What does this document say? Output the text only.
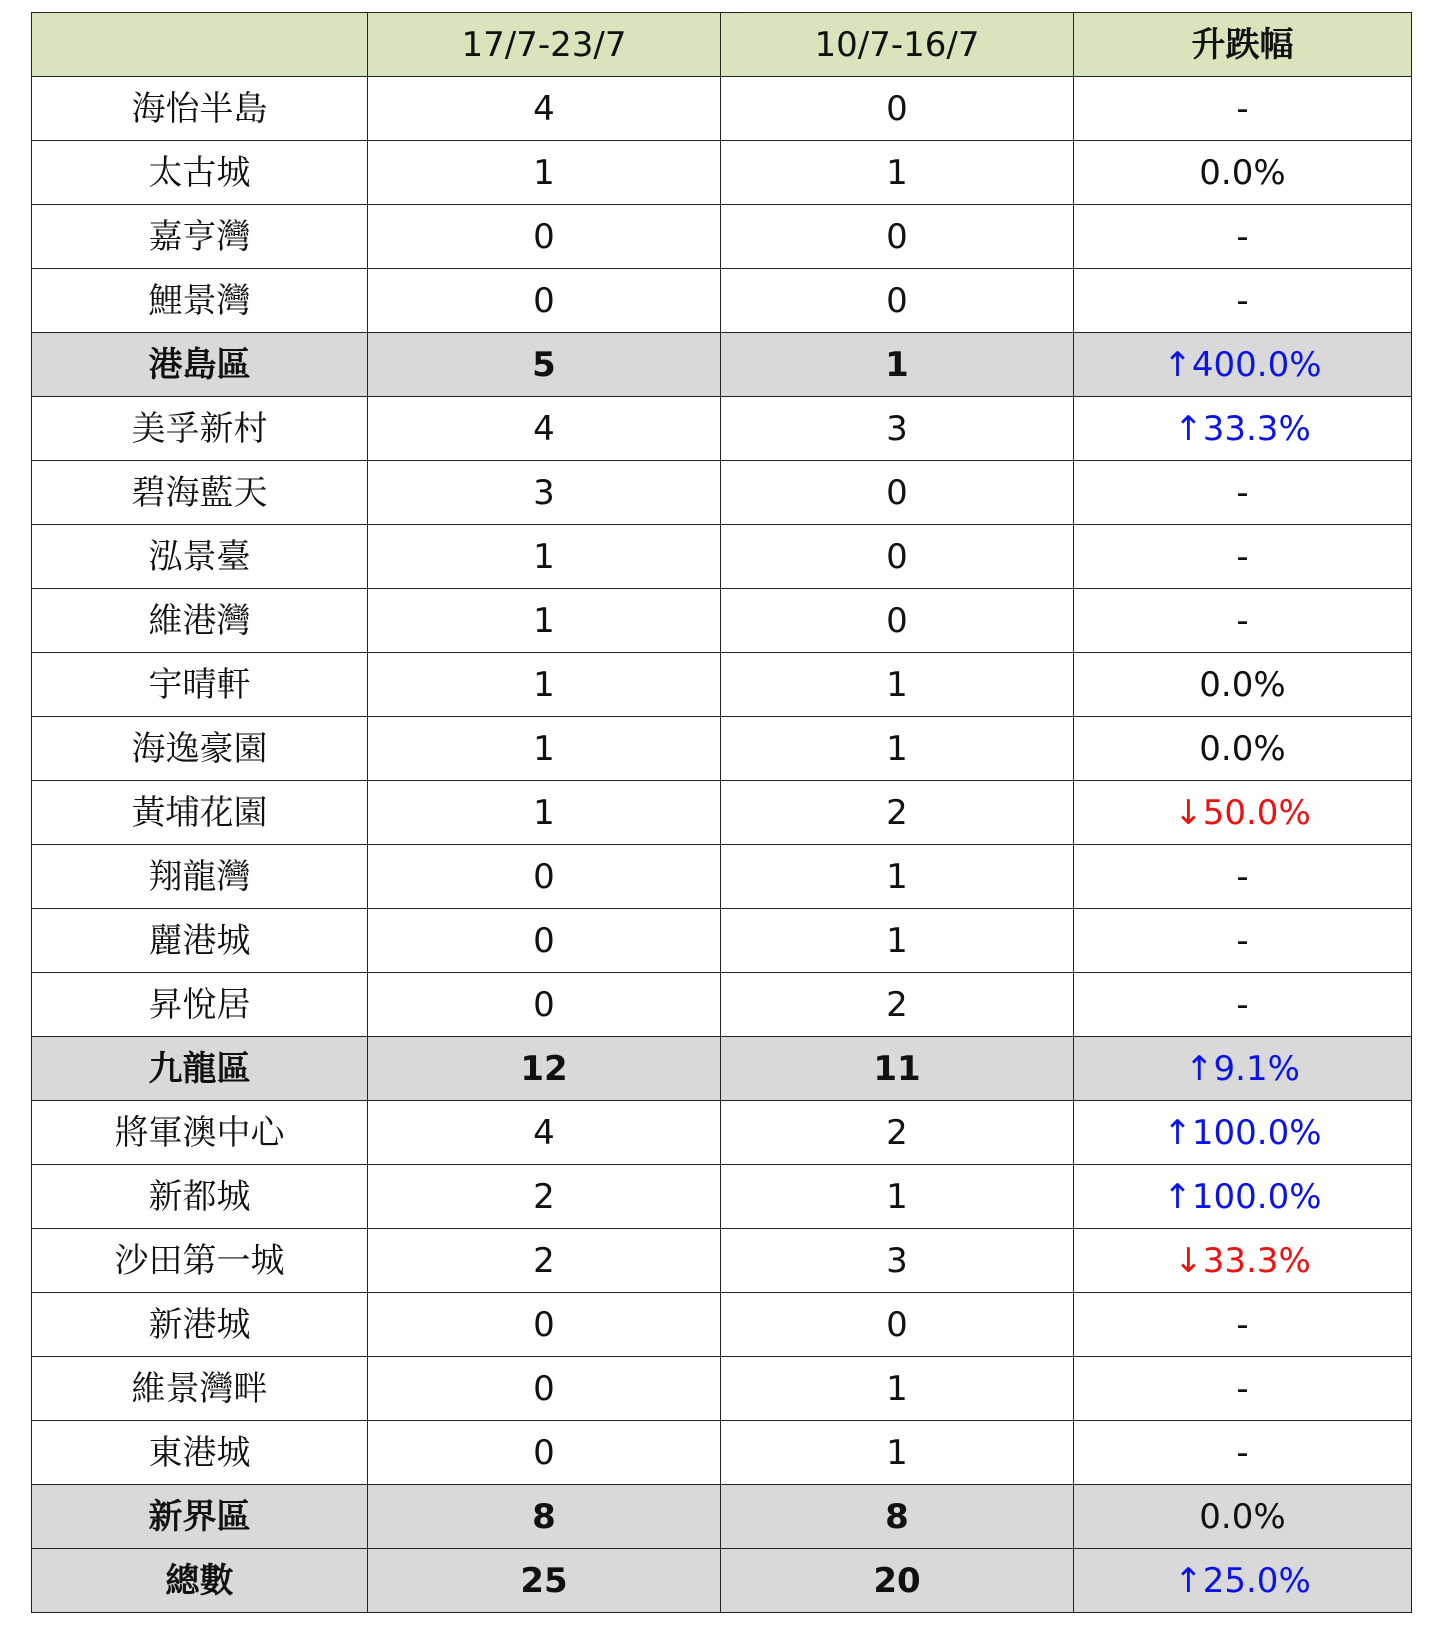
	17/7-23/7	10/7-16/7	升跌幅
海怡半島	4	0	-
太古城	1	1	0.0%
嘉亨灣	0	0	-
鯉景灣	0	0	-
港島區	5	1	↑400.0%
美孚新村	4	3	↑33.3%
碧海藍天	3	0	-
泓景臺	1	0	-
維港灣	1	0	-
宇晴軒	1	1	0.0%
海逸豪園	1	1	0.0%
黃埔花園	1	2	↓50.0%
翔龍灣	0	1	-
麗港城	0	1	-
昇悅居	0	2	-
九龍區	12	11	↑9.1%
將軍澳中心	4	2	↑100.0%
新都城	2	1	↑100.0%
沙田第一城	2	3	↓33.3%
新港城	0	0	-
維景灣畔	0	1	-
東港城	0	1	-
新界區	8	8	0.0%
總數	25	20	↑25.0%
